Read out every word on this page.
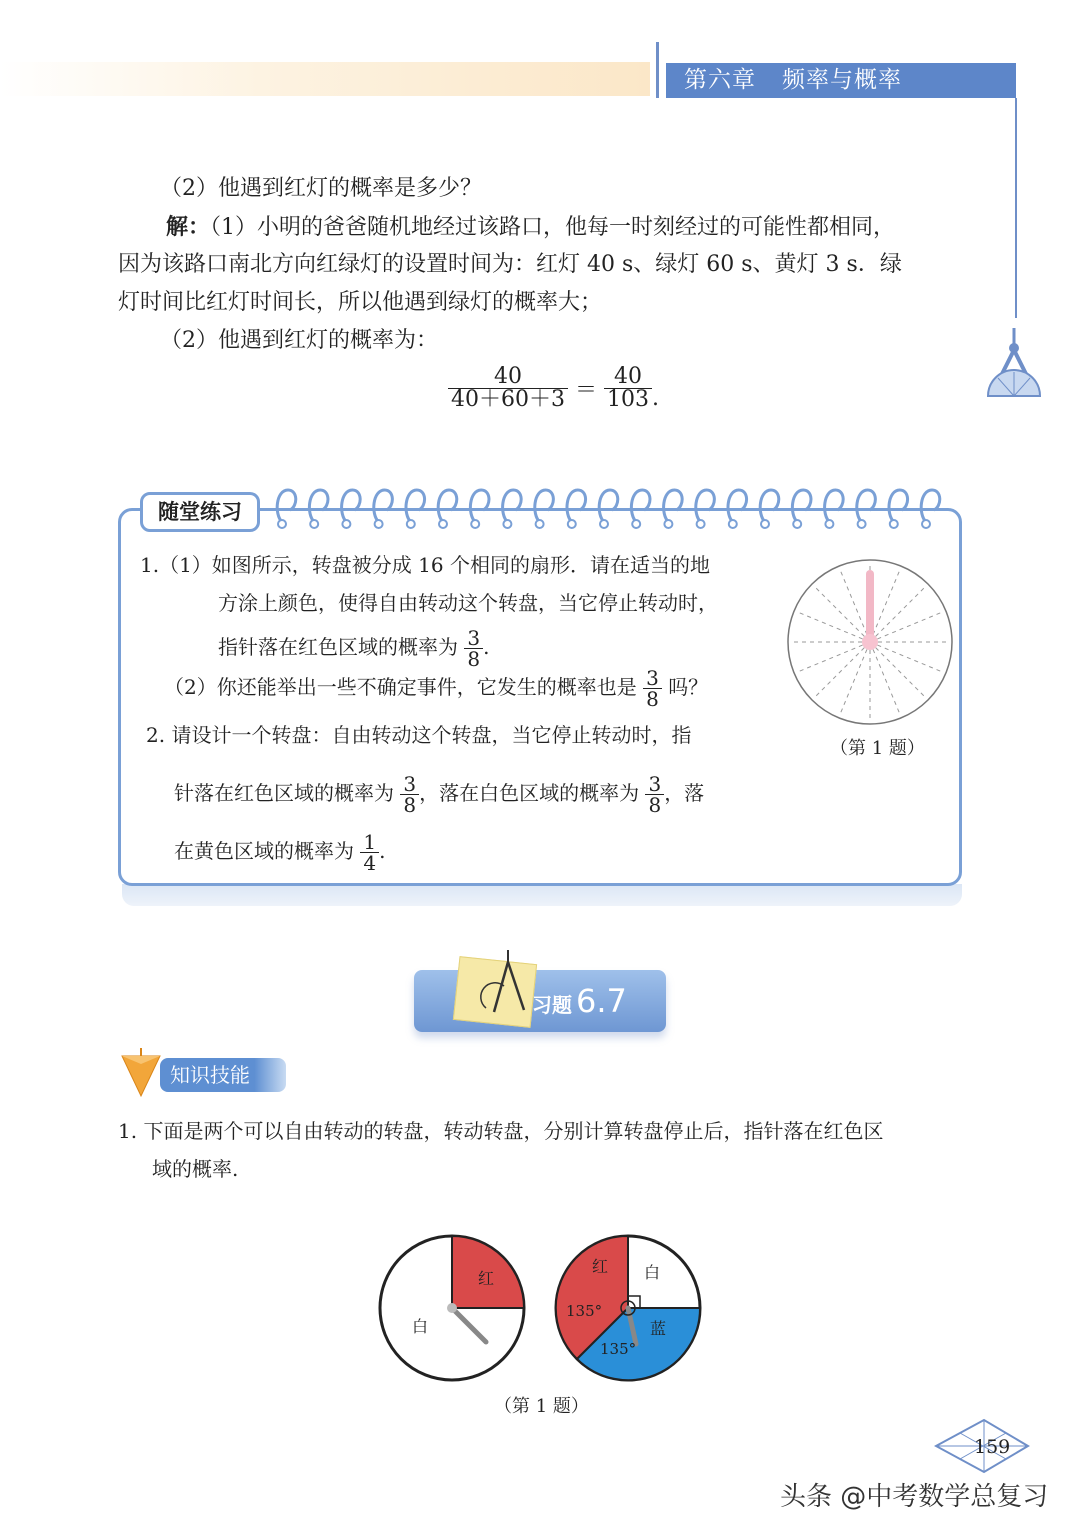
第六章 频率与概率
（2）他遇到红灯的概率是多少？
解：（1）小明的爸爸随机地经过该路口，他每一时刻经过的可能性都相同，
因为该路口南北方向红绿灯的设置时间为：红灯 40 s、绿灯 60 s、黄灯 3 s．绿
灯时间比红灯时间长，所以他遇到绿灯的概率大；
（2）他遇到红灯的概率为：
$\frac{40}{40+60+3} = \frac{40}{103}$ .
随堂练习
1.（1）如图所示，转盘被分成 16 个相同的扇形．请在适当的地
方涂上颜色，使得自由转动这个转盘，当它停止转动时，
指针落在红色区域的概率为 $\frac{3}{8}$ .
（2）你还能举出一些不确定事件，它发生的概率也是 $\frac{3}{8}$ 吗？
2. 请设计一个转盘：自由转动这个转盘，当它停止转动时，指
针落在红色区域的概率为 $\frac{3}{8}$ ，落在白色区域的概率为 $\frac{3}{8}$ ，落
在黄色区域的概率为 $\frac{1}{4}$ .
（第 1 题）
习题 6.7
知识技能
1. 下面是两个可以自由转动的转盘，转动转盘，分别计算转盘停止后，指针落在红色区
域的概率.
红
白
红 白
蓝
135°
135°
（第 1 题）
159
头条 @中考数学总复习
